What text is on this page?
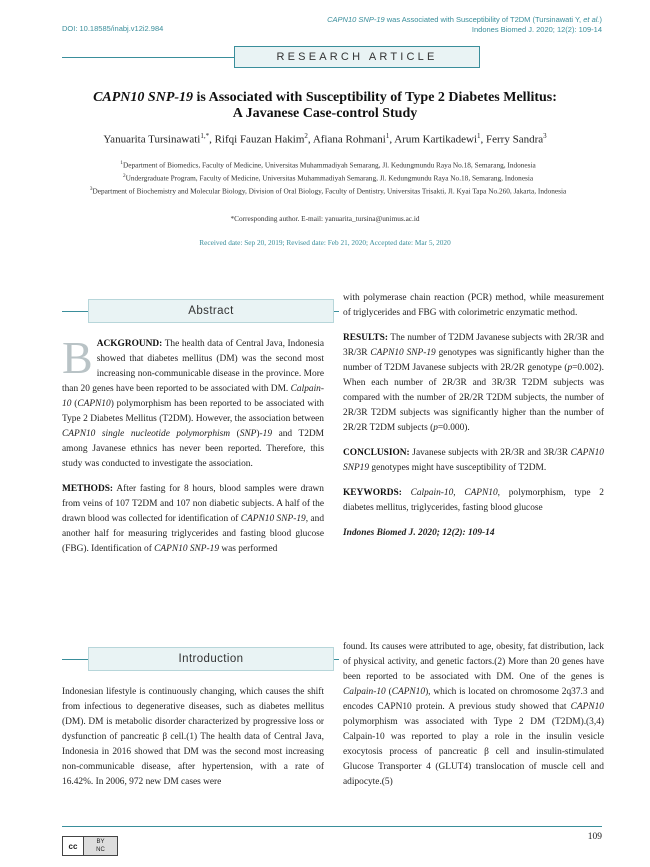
DOI: 10.18585/inabj.v12i2.984
CAPN10 SNP-19 was Associated with Susceptibility of T2DM (Tursinawati Y, et al.)
Indones Biomed J. 2020; 12(2): 109-14
RESEARCH ARTICLE
CAPN10 SNP-19 is Associated with Susceptibility of Type 2 Diabetes Mellitus:
A Javanese Case-control Study
Yanuarita Tursinawati$^{1,*}$, Rifqi Fauzan Hakim$^2$, Afiana Rohmani$^1$, Arum Kartikadewi$^1$, Ferry Sandra$^3$
$^1$Department of Biomedics, Faculty of Medicine, Universitas Muhammadiyah Semarang, Jl. Kedungmundu Raya No.18, Semarang, Indonesia
$^2$Undergraduate Program, Faculty of Medicine, Universitas Muhammadiyah Semarang, Jl. Kedungmundu Raya No.18, Semarang, Indonesia
$^3$Department of Biochemistry and Molecular Biology, Division of Oral Biology, Faculty of Dentistry, Universitas Trisakti, Jl. Kyai Tapa No.260, Jakarta, Indonesia
*Corresponding author. E-mail: yanuarita_tursina@unimus.ac.id
Received date: Sep 20, 2019; Revised date: Feb 21, 2020; Accepted date: Mar 5, 2020
Abstract

BACKGROUND: The health data of Central Java, Indonesia showed that diabetes mellitus (DM) was the second most increasing non-communicable disease in the province. More than 20 genes have been reported to be associated with DM. Calpain-10 (CAPN10) polymorphism has been reported to be associated with Type 2 Diabetes Mellitus (T2DM). However, the association between CAPN10 single nucleotide polymorphism (SNP)-19 and T2DM among Javanese ethnics has never been reported. Therefore, this study was conducted to investigate the association.

METHODS: After fasting for 8 hours, blood samples were drawn from veins of 107 T2DM and 107 non diabetic subjects. A half of the drawn blood was collected for identification of CAPN10 SNP-19, and another half for measuring triglycerides and fasting blood glucose (FBG). Identification of CAPN10 SNP-19 was performed

with polymerase chain reaction (PCR) method, while measurement of triglycerides and FBG with colorimetric enzymatic method.

RESULTS: The number of T2DM Javanese subjects with 2R/3R and 3R/3R CAPN10 SNP-19 genotypes was significantly higher than the number of T2DM Javanese subjects with 2R/2R genotype (p=0.002). When each number of 2R/3R and 3R/3R T2DM subjects was compared with the number of 2R/2R T2DM subjects, the number of 2R/3R T2DM subjects was significantly higher than the number of 2R/2R T2DM subjects (p=0.000).

CONCLUSION: Javanese subjects with 2R/3R and 3R/3R CAPN10 SNP19 genotypes might have susceptibility of T2DM.

KEYWORDS: Calpain-10, CAPN10, polymorphism, type 2 diabetes mellitus, triglycerides, fasting blood glucose

Indones Biomed J. 2020; 12(2): 109-14

Introduction

Indonesian lifestyle is continuously changing, which causes the shift from infectious to degenerative diseases, such as diabetes mellitus (DM). DM is metabolic disorder characterized by progressive loss or dysfunction of pancreatic β cell.(1) The health data of Central Java, Indonesia in 2016 showed that DM was the second most increasing non-communicable disease, after hypertension, with a rate of 16.42%. In 2006, 972 new DM cases were

found. Its causes were attributed to age, obesity, fat distribution, lack of physical activity, and genetic factors.(2) More than 20 genes have been reported to be associated with DM. One of the genes is Calpain-10 (CAPN10), which is located on chromosome 2q37.3 and encodes CAPN10 protein. A previous study showed that CAPN10 polymorphism was associated with Type 2 DM (T2DM).(3,4) Calpain-10 was reported to play a role in the insulin vesicle exocytosis process of pancreatic β cell and insulin-stimulated Glucose Transporter 4 (GLUT4) translocation of muscle cell and adipocyte.(5)

cc	BY
NC
109
